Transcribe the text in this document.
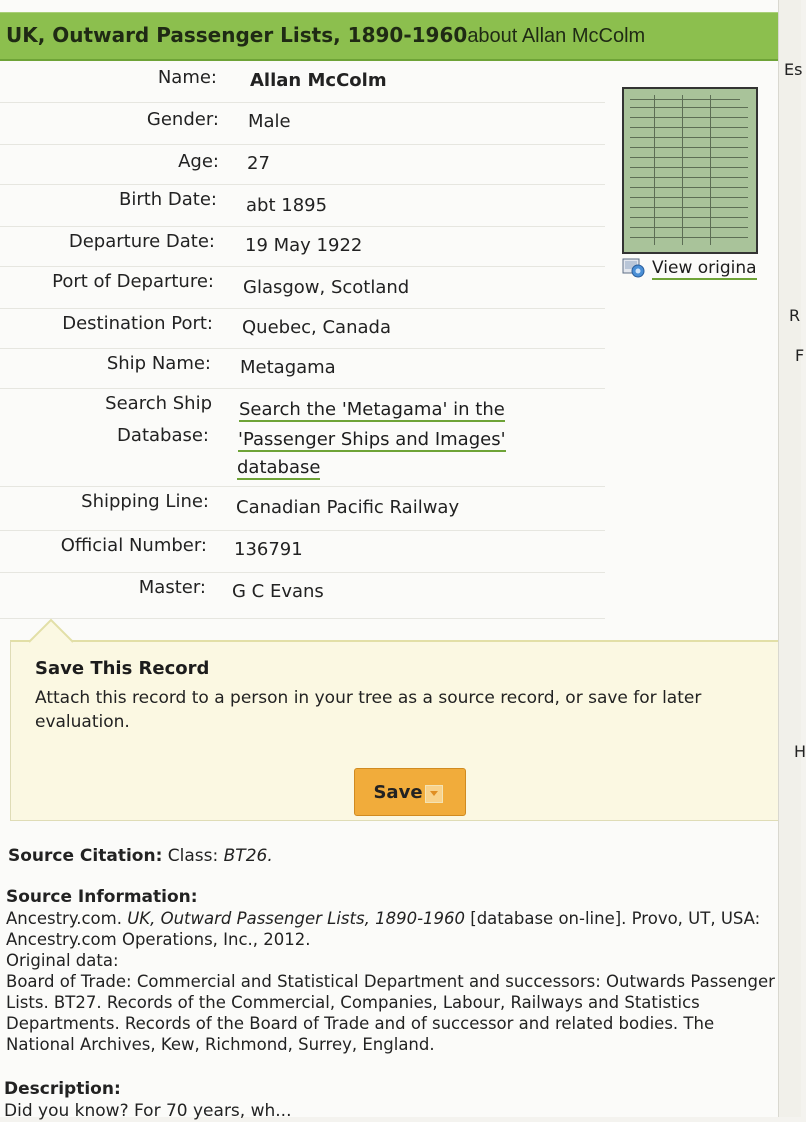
UK, Outward Passenger Lists, 1890-1960about Allan McColm
Name: Allan McColm
Gender: Male
Age: 27
Birth Date: abt 1895
Departure Date: 19 May 1922
Port of Departure: Glasgow, Scotland
Destination Port: Quebec, Canada
Ship Name: Metagama
Search Ship
Database:
Search the 'Metagama' in the
'Passenger Ships and Images'
database
Shipping Line: Canadian Pacific Railway
Official Number: 136791
Master: G C Evans
View origina
Save This Record

Attach this record to a person in your tree as a source record, or save for later evaluation.

Save
Source Citation: Class: BT26.
Source Information:
Ancestry.com. UK, Outward Passenger Lists, 1890-1960 [database on-line]. Provo, UT, USA: Ancestry.com Operations, Inc., 2012.
Original data:
Board of Trade: Commercial and Statistical Department and successors: Outwards Passenger Lists. BT27. Records of the Commercial, Companies, Labour, Railways and Statistics Departments. Records of the Board of Trade and of successor and related bodies. The National Archives, Kew, Richmond, Surrey, England.
Description:
Did you know? For 70 years, wh...
Es
R
F
H
